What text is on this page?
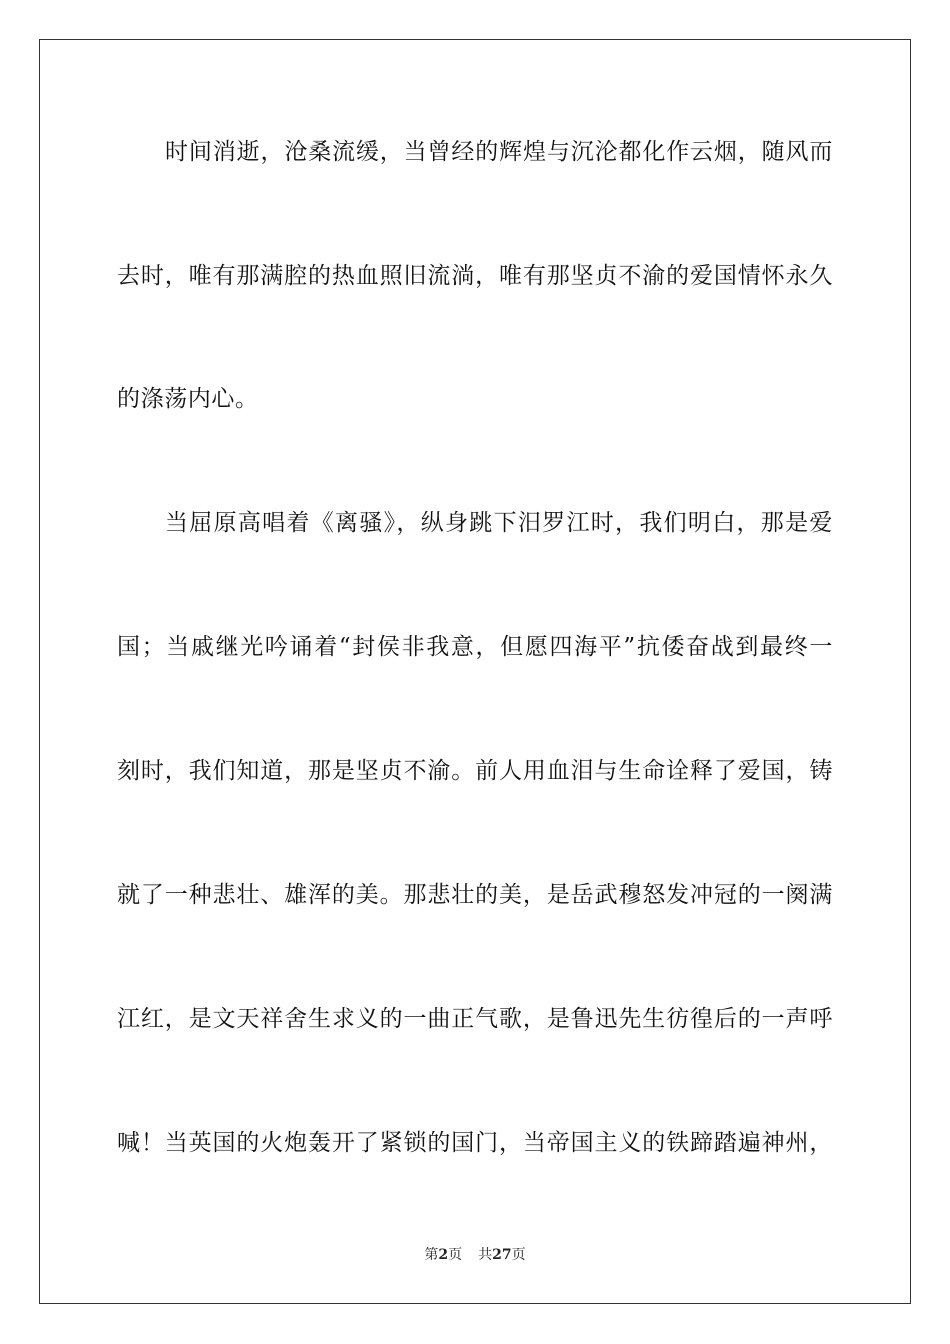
时间消逝，沧桑流缓，当曾经的辉煌与沉沦都化作云烟，随风而
去时，唯有那满腔的热血照旧流淌，唯有那坚贞不渝的爱国情怀永久
的涤荡内心。
当屈原高唱着《离骚》，纵身跳下汨罗江时，我们明白，那是爱
国；当戚继光吟诵着“封侯非我意，但愿四海平”抗倭奋战到最终一
刻时，我们知道，那是坚贞不渝。前人用血泪与生命诠释了爱国，铸
就了一种悲壮、雄浑的美。那悲壮的美，是岳武穆怒发冲冠的一阕满
江红，是文天祥舍生求义的一曲正气歌，是鲁迅先生彷徨后的一声呼
喊！当英国的火炮轰开了紧锁的国门，当帝国主义的铁蹄踏遍神州，
第2页 共27页
